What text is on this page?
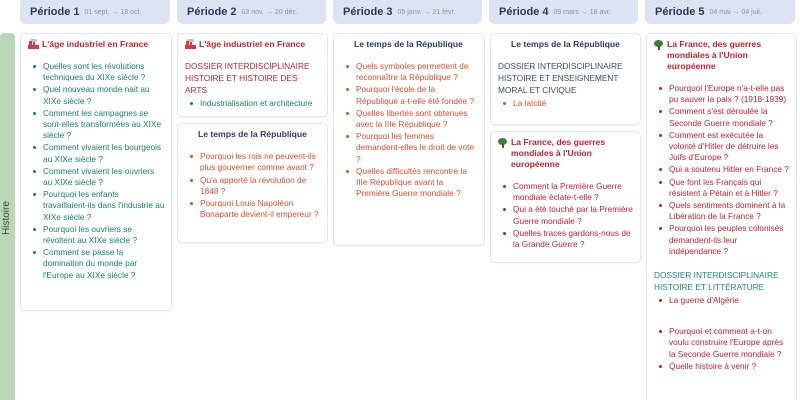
Période 1 01 sept. → 18 oct.	Période 2 03 nov. → 20 déc.	Période 3 05 janv. → 21 févr.	Période 4 09 mars → 18 avr.	Période 5 04 mai → 04 juil.
Histoire
L'âge industriel en France
Quelles sont les révolutions techniques du XIXe siècle ?
Quel nouveau monde nait au XIXe siècle ?
Comment les campagnes se sont-elles transformées au XIXe siècle ?
Comment vivaient les bourgeois au XIXe siècle ?
Comment vivaient les ouvriers au XIXe siècle ?
Pourquoi les enfants travaillaient-ils dans l'industrie au XIXe siècle ?
Pourquoi les ouvriers se révoltent au XIXe siècle ?
Comment se passe la domination du monde par l'Europe au XIXe siècle ?
L'âge industriel en France
DOSSIER INTERDISCIPLINAIRE HISTOIRE ET HISTOIRE DES ARTS
Industrialisation et architecture
Le temps de la République
Pourquoi les rois ne peuvent-ils plus gouverner comme avant ?
Qu'a apporté la révolution de 1848 ?
Pourquoi Louis Napoléon Bonaparte devient-il empereur ?
Le temps de la République
Quels symboles permettent de reconnaître la République ?
Pourquoi l'école de la République a-t-elle été fondée ?
Quelles libertés sont obtenues avec la IIIe République ?
Pourquoi les femmes demandent-elles le droit de vote ?
Quelles difficultés rencontre la IIIe République avant la Première Guerre mondiale ?
Le temps de la République
DOSSIER INTERDISCIPLINAIRE HISTOIRE ET ENSEIGNEMENT MORAL ET CIVIQUE
La laïcité
La France, des guerres mondiales à l'Union européenne
Comment la Première Guerre mondiale éclate-t-elle ?
Qui a été touché par la Première Guerre mondiale ?
Quelles traces gardons-nous de la Grande Guerre ?
La France, des guerres mondiales à l'Union européenne
Pourquoi l'Europe n'a-t-elle pas pu sauver la paix ? (1918-1939)
Comment s'est déroulée la Seconde Guerre mondiale ?
Comment est exécutée la volonté d'Hitler de détruire les Juifs d'Europe ?
Qui a soutenu Hitler en France ?
Que font les Français qui résistent à Pétain et à Hitler ?
Quels sentiments dominent à la Libération de la France ?
Pourquoi les peuples colonisés demandent-ils leur indépendance ?
DOSSIER INTERDISCIPLINAIRE HISTOIRE ET LITTÉRATURE
La guerre d'Algérie
Pourquoi et comment a-t-on voulu construire l'Europe après la Seconde Guerre mondiale ?
Quelle histoire à venir ?
